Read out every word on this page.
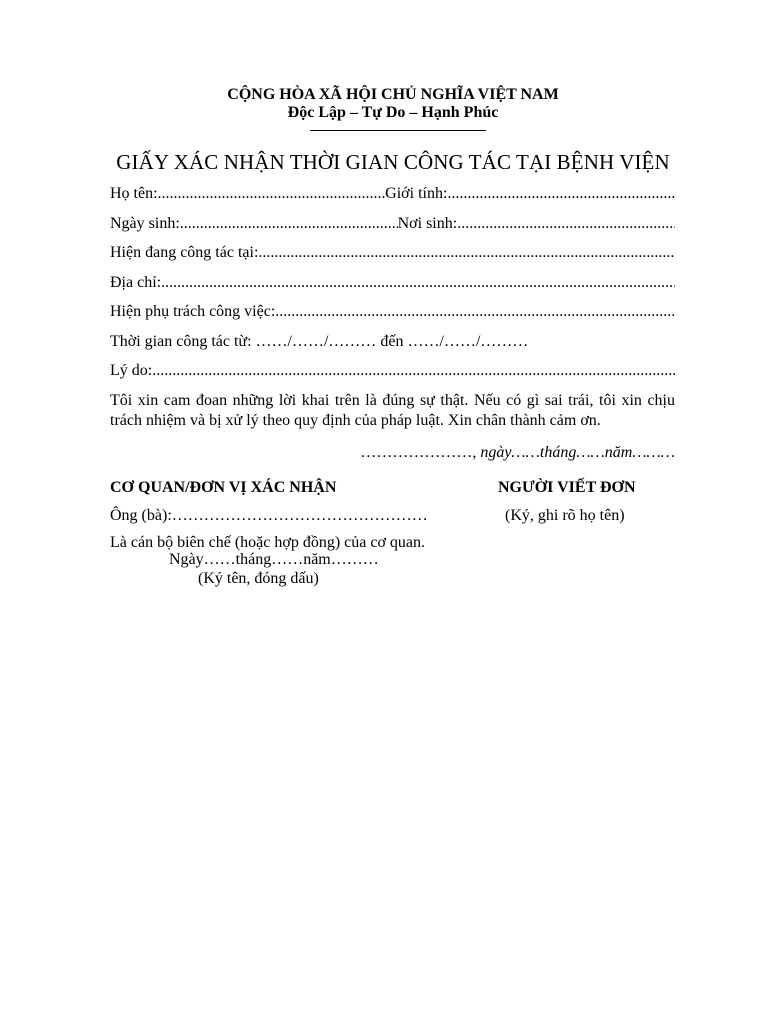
CỘNG HÒA XÃ HỘI CHỦ NGHĨA VIỆT NAM

Độc Lập – Tự Do – Hạnh Phúc

GIẤY XÁC NHẬN THỜI GIAN CÔNG TÁC TẠI BỆNH VIỆN
Họ tên: .....	Giới tính:
.....
Ngày sinh: .....	Nơi sinh:
.....
Hiện đang công tác tại:
.....
Địa chỉ:
.....
Hiện phụ trách công việc:
.....
Thời gian công tác từ: ……/……/……… đến ……/……/………
Lý do:
.....

Tôi xin cam đoan những lời khai trên là đúng sự thật. Nếu có gì sai trái, tôi xin chịu trách nhiệm và bị xử lý theo quy định của pháp luật. Xin chân thành cảm ơn.

…………………, ngày……tháng……năm………

CƠ QUAN/ĐƠN VỊ XÁC NHẬN

Ông (bà):…………………………………………

Là cán bộ biên chế (hoặc hợp đồng) của cơ quan.

Ngày……tháng……năm………

(Ký tên, đóng dấu)

NGƯỜI VIẾT ĐƠN

(Ký, ghi rõ họ tên)
